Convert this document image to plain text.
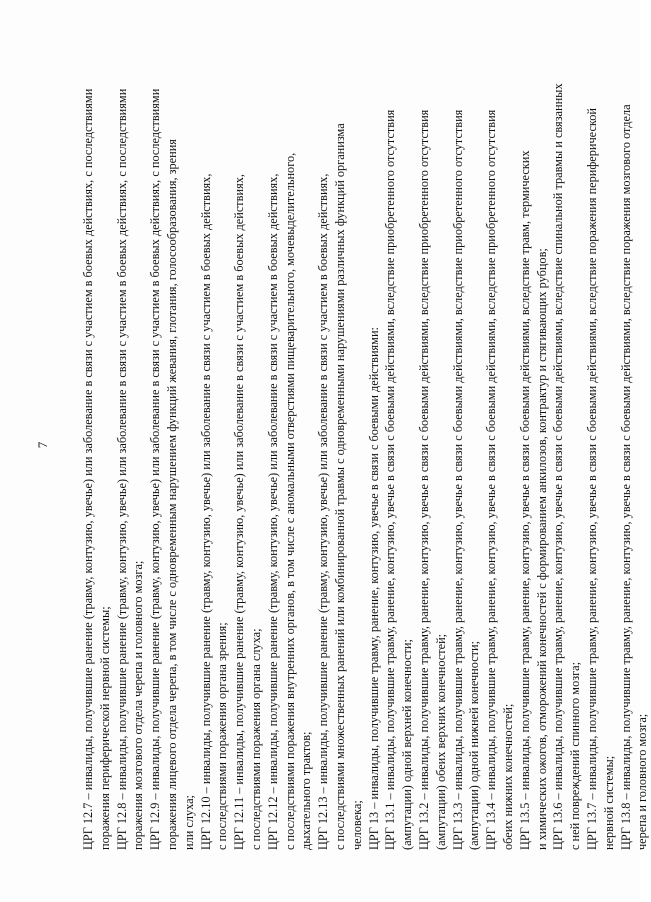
7	ЦРГ 12.7 – инвалиды, получившие ранение (травму, контузию, увечье) или заболевание в связи с участием в боевых действиях, с последствиями поражения периферической нервной системы; ЦРГ 12.8 – инвалиды, получившие ранение (травму, контузию, увечье) или заболевание в связи с участием в боевых действиях, с последствиями поражения мозгового отдела черепа и головного мозга; ЦРГ 12.9 – инвалиды, получившие ранение (травму, контузию, увечье) или заболевание в связи с участием в боевых действиях, с последствиями поражения лицевого отдела черепа, в том числе с одновременным нарушением функций жевания, глотания, голосообразования, зрения или слуха; ЦРГ 12.10 – инвалиды, получившие ранение (травму, контузию, увечье) или заболевание в связи с участием в боевых действиях, с последствиями поражения органа зрения; ЦРГ 12.11 – инвалиды, получившие ранение (травму, контузию, увечье) или заболевание в связи с участием в боевых действиях, с последствиями поражения органа слуха; ЦРГ 12.12 – инвалиды, получившие ранение (травму, контузию, увечье) или заболевание в связи с участием в боевых действиях, с последствиями поражения внутренних органов, в том числе с аномальными отверстиями пищеварительного, мочевыделительного, дыхательного трактов; ЦРГ 12.13 – инвалиды, получившие ранение (травму, контузию, увечье) или заболевание в связи с участием в боевых действиях, с последствиями множественных ранений или комбинированной травмы с одновременными нарушениями различных функций организма человека; ЦРГ 13 – инвалиды, получившие травму, ранение, контузию, увечье в связи с боевыми действиями: ЦРГ 13.1 – инвалиды, получившие травму, ранение, контузию, увечье в связи с боевыми действиями, вследствие приобретенного отсутствия (ампутации) одной верхней конечности; ЦРГ 13.2 – инвалиды, получившие травму, ранение, контузию, увечье в связи с боевыми действиями, вследствие приобретенного отсутствия (ампутации) обеих верхних конечностей; ЦРГ 13.3 – инвалиды, получившие травму, ранение, контузию, увечье в связи с боевыми действиями, вследствие приобретенного отсутствия (ампутации) одной нижней конечности; ЦРГ 13.4 – инвалиды, получившие травму, ранение, контузию, увечье в связи с боевыми действиями, вследствие приобретенного отсутствия обеих нижних конечностей; ЦРГ 13.5 – инвалиды, получившие травму, ранение, контузию, увечье в связи с боевыми действиями, вследствие травм, термических и химических ожогов, отморожений конечностей с формированием анкилозов, контрактур и стягивающих рубцов; ЦРГ 13.6 – инвалиды, получившие травму, ранение, контузию, увечье в связи с боевыми действиями, вследствие спинальной травмы и связанных с ней повреждений спинного мозга; ЦРГ 13.7 – инвалиды, получившие травму, ранение, контузию, увечье в связи с боевыми действиями, вследствие поражения периферической нервной системы; ЦРГ 13.8 – инвалиды, получившие травму, ранение, контузию, увечье в связи с боевыми действиями, вследствие поражения мозгового отдела черепа и головного мозга;
